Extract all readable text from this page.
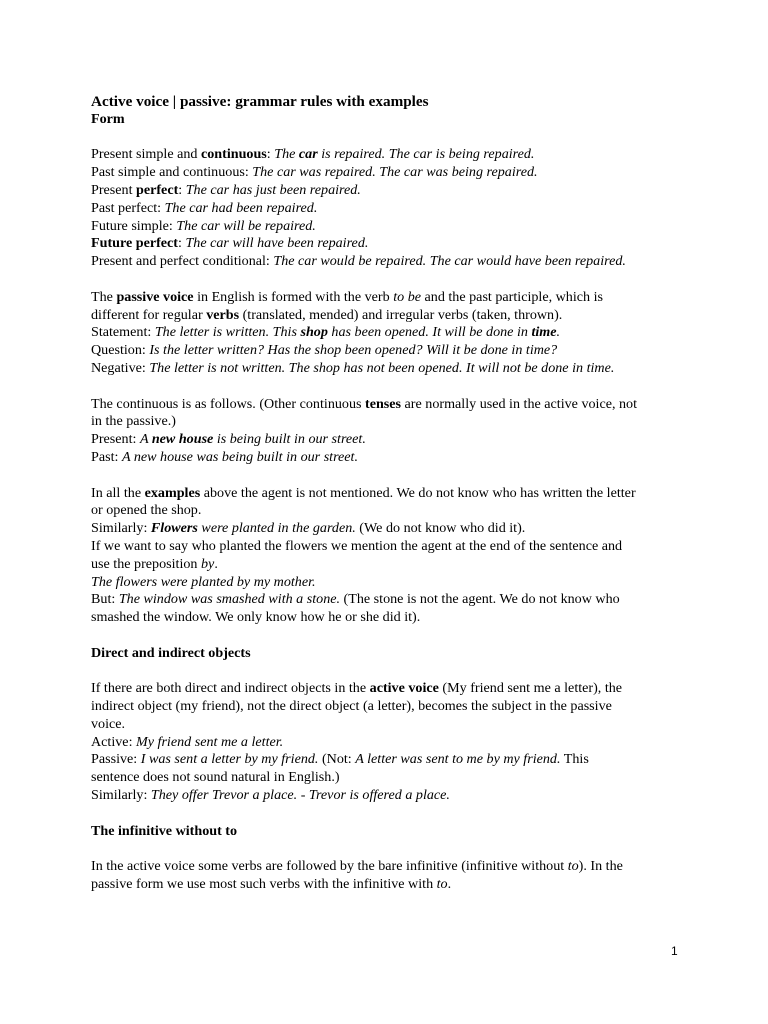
Active voice | passive: grammar rules with examples

Form

Present simple and continuous: The car is repaired. The car is being repaired.

Past simple and continuous: The car was repaired. The car was being repaired.

Present perfect: The car has just been repaired.

Past perfect: The car had been repaired.

Future simple: The car will be repaired.

Future perfect: The car will have been repaired.

Present and perfect conditional: The car would be repaired. The car would have been repaired.

The passive voice in English is formed with the verb to be and the past participle, which is

different for regular verbs (translated, mended) and irregular verbs (taken, thrown).

Statement: The letter is written. This shop has been opened. It will be done in time.

Question: Is the letter written? Has the shop been opened? Will it be done in time?

Negative: The letter is not written. The shop has not been opened. It will not be done in time.

The continuous is as follows. (Other continuous tenses are normally used in the active voice, not

in the passive.)

Present: A new house is being built in our street.

Past: A new house was being built in our street.

In all the examples above the agent is not mentioned. We do not know who has written the letter

or opened the shop.

Similarly: Flowers were planted in the garden. (We do not know who did it).

If we want to say who planted the flowers we mention the agent at the end of the sentence and

use the preposition by.

The flowers were planted by my mother.

But: The window was smashed with a stone. (The stone is not the agent. We do not know who

smashed the window. We only know how he or she did it).

Direct and indirect objects

If there are both direct and indirect objects in the active voice (My friend sent me a letter), the

indirect object (my friend), not the direct object (a letter), becomes the subject in the passive

voice.

Active: My friend sent me a letter.

Passive: I was sent a letter by my friend. (Not: A letter was sent to me by my friend. This

sentence does not sound natural in English.)

Similarly: They offer Trevor a place. - Trevor is offered a place.

The infinitive without to

In the active voice some verbs are followed by the bare infinitive (infinitive without to). In the

passive form we use most such verbs with the infinitive with to.

1
